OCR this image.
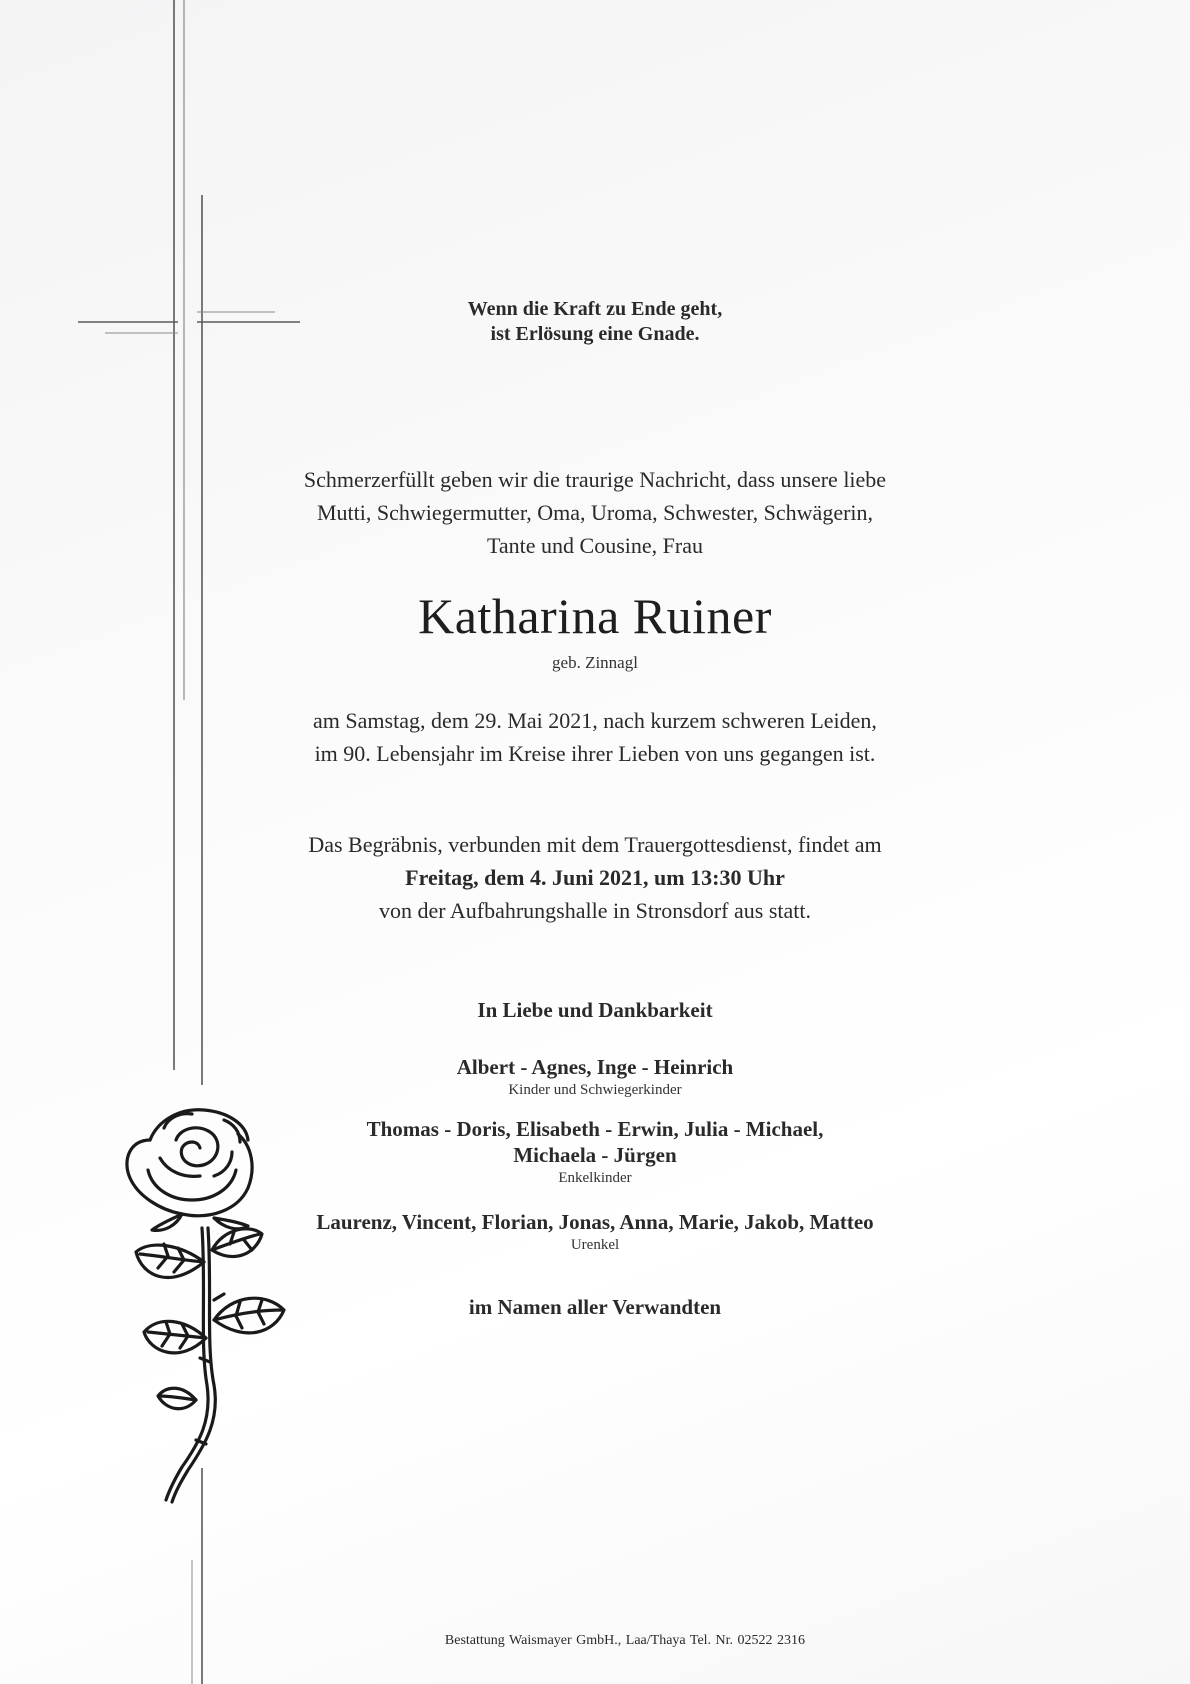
Wenn die Kraft zu Ende geht,
ist Erlösung eine Gnade.
Schmerzerfüllt geben wir die traurige Nachricht, dass unsere liebe
Mutti, Schwiegermutter, Oma, Uroma, Schwester, Schwägerin,
Tante und Cousine, Frau
Katharina Ruiner
geb. Zinnagl
am Samstag, dem 29. Mai 2021, nach kurzem schweren Leiden,
im 90. Lebensjahr im Kreise ihrer Lieben von uns gegangen ist.
Das Begräbnis, verbunden mit dem Trauergottesdienst, findet am
Freitag, dem 4. Juni 2021, um 13:30 Uhr
von der Aufbahrungshalle in Stronsdorf aus statt.
In Liebe und Dankbarkeit
Albert - Agnes, Inge - Heinrich
Kinder und Schwiegerkinder
Thomas - Doris, Elisabeth - Erwin, Julia - Michael,
Michaela - Jürgen
Enkelkinder
Laurenz, Vincent, Florian, Jonas, Anna, Marie, Jakob, Matteo
Urenkel
im Namen aller Verwandten
Bestattung Waismayer GmbH., Laa/Thaya Tel. Nr. 02522 2316
